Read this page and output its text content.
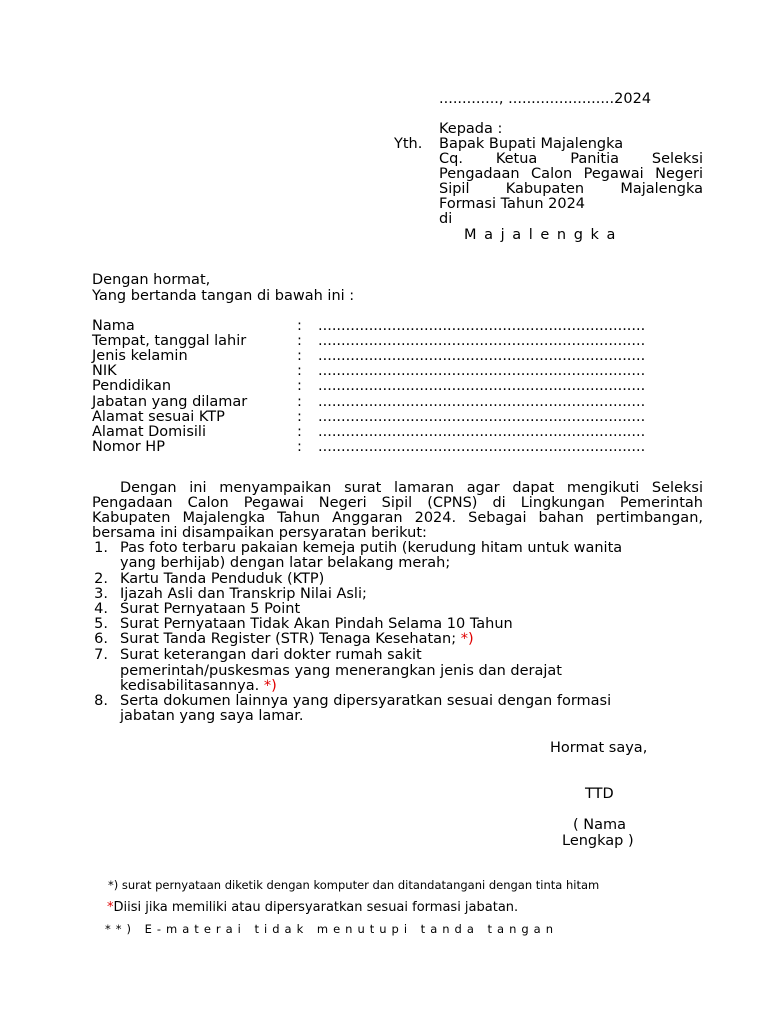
............., .......................2024
Kepada :
Yth. Bapak Bupati Majalengka
Cq. Ketua Panitia Seleksi
Pengadaan Calon Pegawai Negeri
Sipil Kabupaten Majalengka
Formasi Tahun 2024
di
M a j a l e n g k a
Dengan hormat,
Yang bertanda tangan di bawah ini :
Nama	: .......................................................................
Tempat, tanggal lahir	: .......................................................................
Jenis kelamin	: .......................................................................
NIK	: .......................................................................
Pendidikan	: .......................................................................
Jabatan yang dilamar	: .......................................................................
Alamat sesuai KTP	: .......................................................................
Alamat Domisili	: .......................................................................
Nomor HP	: .......................................................................
Dengan ini menyampaikan surat lamaran agar dapat mengikuti Seleksi
Pengadaan Calon Pegawai Negeri Sipil (CPNS) di Lingkungan Pemerintah
Kabupaten Majalengka Tahun Anggaran 2024. Sebagai bahan pertimbangan,
bersama ini disampaikan persyaratan berikut:
1. Pas foto terbaru pakaian kemeja putih (kerudung hitam untuk wanita
yang berhijab) dengan latar belakang merah;
2. Kartu Tanda Penduduk (KTP)
3. Ijazah Asli dan Transkrip Nilai Asli;
4. Surat Pernyataan 5 Point
5. Surat Pernyataan Tidak Akan Pindah Selama 10 Tahun
6. Surat Tanda Register (STR) Tenaga Kesehatan; *)
7. Surat keterangan dari dokter rumah sakit
pemerintah/puskesmas yang menerangkan jenis dan derajat
kedisabilitasannya. *)
8. Serta dokumen lainnya yang dipersyaratkan sesuai dengan formasi
jabatan yang saya lamar.
Hormat saya,
TTD
( Nama
Lengkap )
*) surat pernyataan diketik dengan komputer dan ditandatangani dengan tinta hitam
*Diisi jika memiliki atau dipersyaratkan sesuai formasi jabatan.
**) E-materai tidak menutupi tanda tangan
